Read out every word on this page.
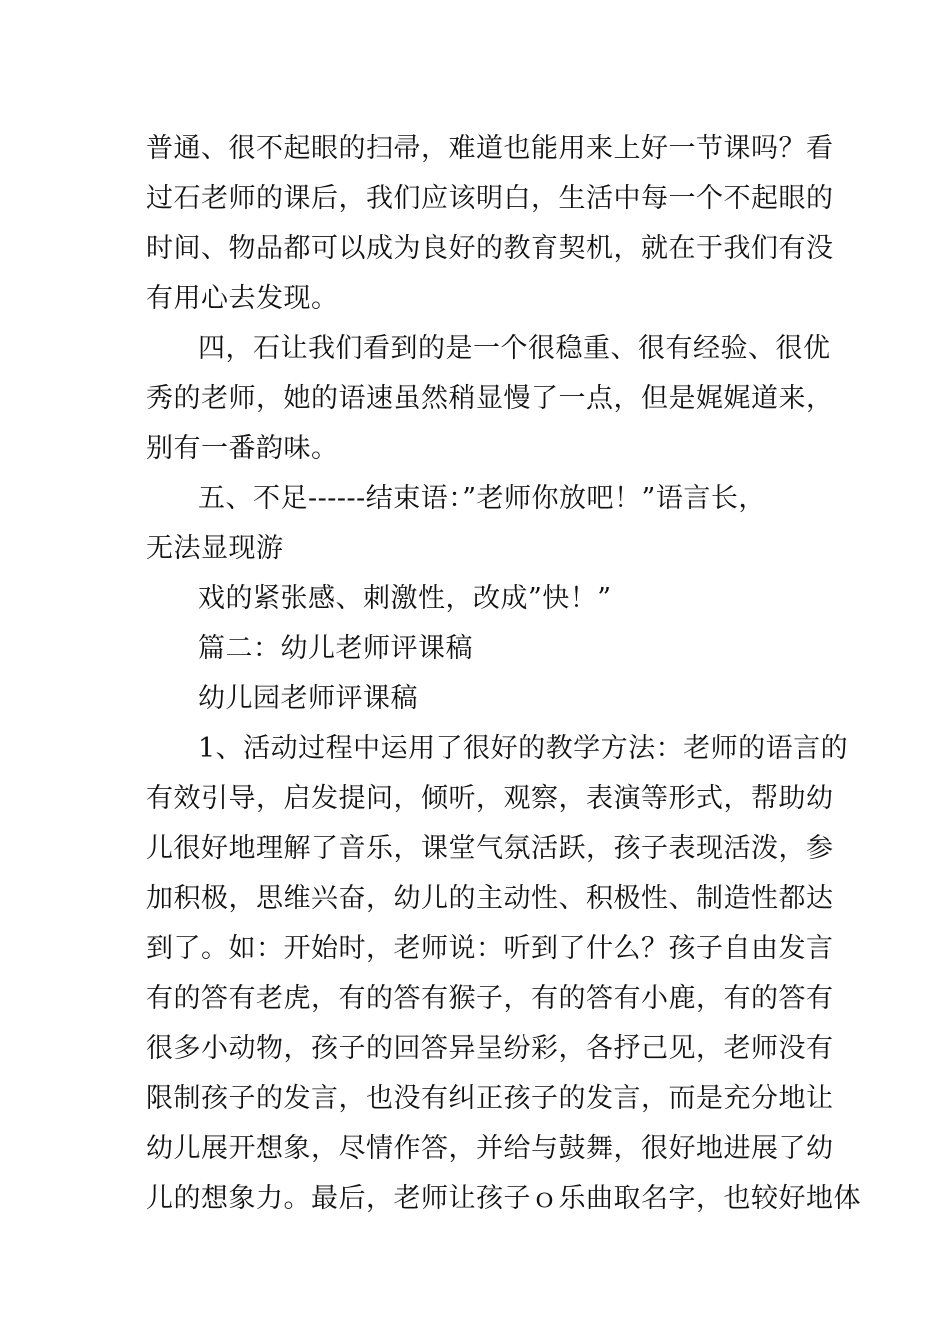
普通、很不起眼的扫帚，难道也能用来上好一节课吗？看
过石老师的课后，我们应该明白，生活中每一个不起眼的
时间、物品都可以成为良好的教育契机，就在于我们有没
有用心去发现。
四，石让我们看到的是一个很稳重、很有经验、很优
秀的老师，她的语速虽然稍显慢了一点，但是娓娓道来，
别有一番韵味。
五、不足------结束语：”老师你放吧！”语言长，
无法显现游
戏的紧张感、刺激性，改成”快！”
篇二：幼儿老师评课稿
幼儿园老师评课稿
1、活动过程中运用了很好的教学方法：老师的语言的
有效引导，启发提问，倾听，观察，表演等形式，帮助幼
儿很好地理解了音乐，课堂气氛活跃，孩子表现活泼，参
加积极，思维兴奋，幼儿的主动性、积极性、制造性都达
到了。如：开始时，老师说：听到了什么？孩子自由发言
有的答有老虎，有的答有猴子，有的答有小鹿，有的答有
很多小动物，孩子的回答异呈纷彩，各抒己见，老师没有
限制孩子的发言，也没有纠正孩子的发言，而是充分地让
幼儿展开想象，尽情作答，并给与鼓舞，很好地进展了幼
儿的想象力。最后，老师让孩子ｏ乐曲取名字，也较好地体
